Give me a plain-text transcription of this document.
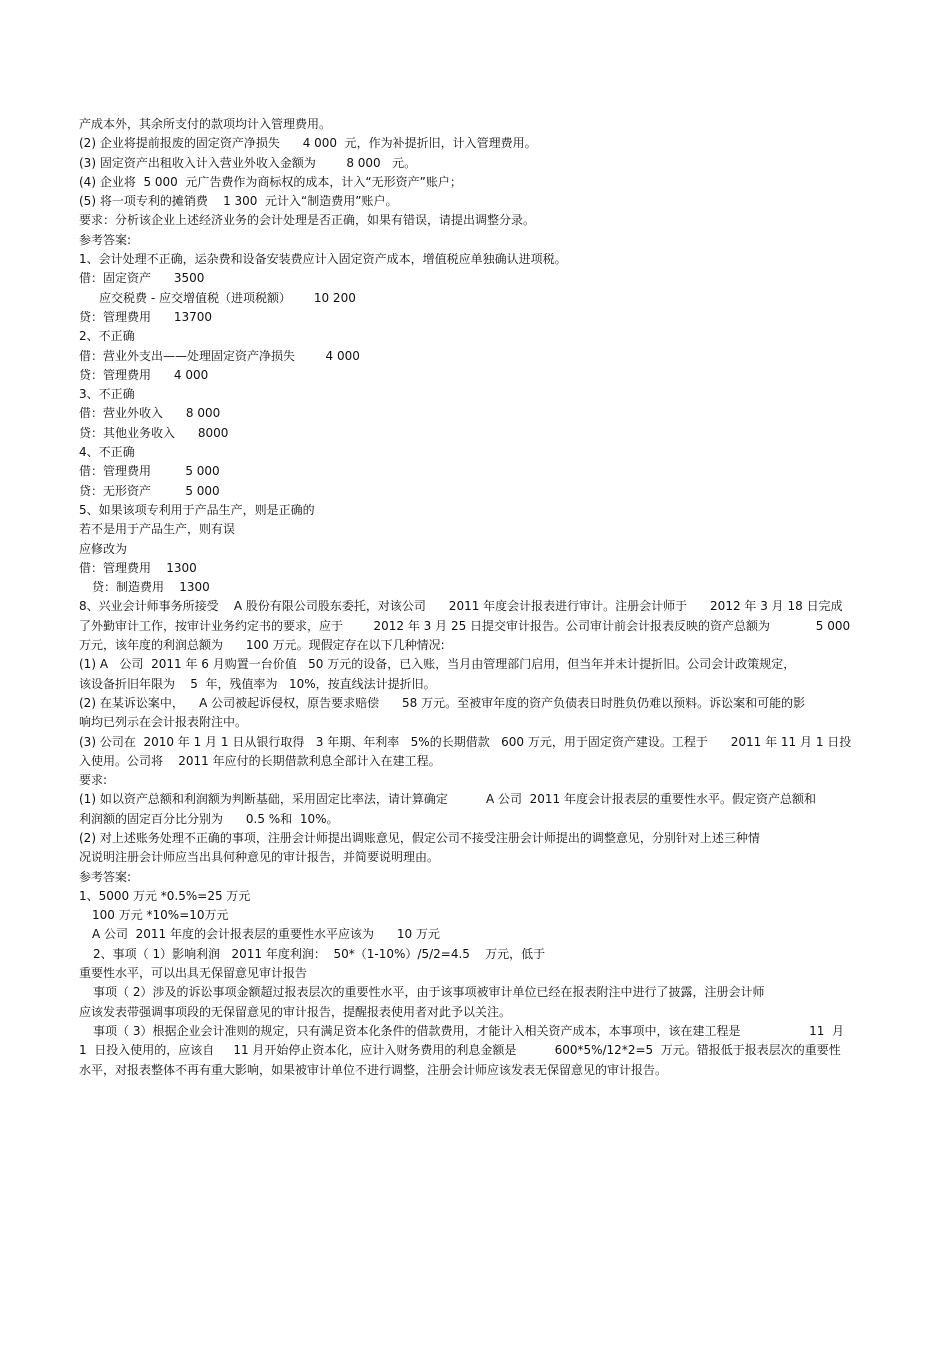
产成本外，其余所支付的款项均计入管理费用。
(2) 企业将提前报废的固定资产净损失      4 000  元，作为补提折旧，计入管理费用。
(3) 固定资产出租收入计入营业外收入金额为        8 000   元。
(4) 企业将  5 000  元广告费作为商标权的成本，计入“无形资产”账户；
(5) 将一项专利的摊销费    1 300  元计入“制造费用”账户。
要求：分析该企业上述经济业务的会计处理是否正确，如果有错误，请提出调整分录。
参考答案:
1、会计处理不正确，运杂费和设备安装费应计入固定资产成本，增值税应单独确认进项税。
借：固定资产      3500
应交税费 - 应交增值税（进项税额）      10 200
贷：管理费用      13700
2、不正确
借：营业外支出——处理固定资产净损失        4 000
贷：管理费用      4 000
3、不正确
借：营业外收入      8 000
贷：其他业务收入      8000
4、不正确
借：管理费用         5 000
贷：无形资产         5 000
5、如果该项专利用于产品生产，则是正确的
若不是用于产品生产，则有误
应修改为
借：管理费用    1300
贷：制造费用    1300
8、兴业会计师事务所接受    A 股份有限公司股东委托，对该公司      2011 年度会计报表进行审计。注册会计师于      2012 年 3 月 18 日完成
了外勤审计工作，按审计业务约定书的要求，应于        2012 年 3 月 25 日提交审计报告。公司审计前会计报表反映的资产总额为            5 000
万元，该年度的利润总额为      100 万元。现假定存在以下几种情况:
(1) A   公司  2011 年 6 月购置一台价值   50 万元的设备，已入账，当月由管理部门启用，但当年并未计提折旧。公司会计政策规定，
该设备折旧年限为    5  年，残值率为   10%，按直线法计提折旧。
(2) 在某诉讼案中，    A 公司被起诉侵权，原告要求赔偿      58 万元。至被审年度的资产负债表日时胜负仍难以预料。诉讼案和可能的影
响均已列示在会计报表附注中。
(3) 公司在  2010 年 1 月 1 日从银行取得   3 年期、年利率   5%的长期借款   600 万元，用于固定资产建设。工程于      2011 年 11 月 1 日投
入使用。公司将    2011 年应付的长期借款利息全部计入在建工程。
要求:
(1) 如以资产总额和利润额为判断基础，采用固定比率法，请计算确定          A 公司  2011 年度会计报表层的重要性水平。假定资产总额和
利润额的固定百分比分别为      0.5 %和  10%。
(2) 对上述账务处理不正确的事项，注册会计师提出调账意见，假定公司不接受注册会计师提出的调整意见，分别针对上述三种情
况说明注册会计师应当出具何种意见的审计报告，并简要说明理由。
参考答案:
1、5000 万元 *0.5%=25 万元
100 万元 *10%=10万元
A 公司  2011 年度的会计报表层的重要性水平应该为      10 万元
2、事项（ 1）影响利润   2011 年度利润：  50*（1-10%）/5/2=4.5    万元，低于
重要性水平，可以出具无保留意见审计报告
事项（ 2）涉及的诉讼事项金额超过报表层次的重要性水平，由于该事项被审计单位已经在报表附注中进行了披露，注册会计师
应该发表带强调事项段的无保留意见的审计报告，提醒报表使用者对此予以关注。
事项（ 3）根据企业会计准则的规定，只有满足资本化条件的借款费用，才能计入相关资产成本，本事项中，该在建工程是                  11  月
1  日投入使用的，应该自     11 月开始停止资本化，应计入财务费用的利息金额是          600*5%/12*2=5  万元。错报低于报表层次的重要性
水平，对报表整体不再有重大影响，如果被审计单位不进行调整，注册会计师应该发表无保留意见的审计报告。
